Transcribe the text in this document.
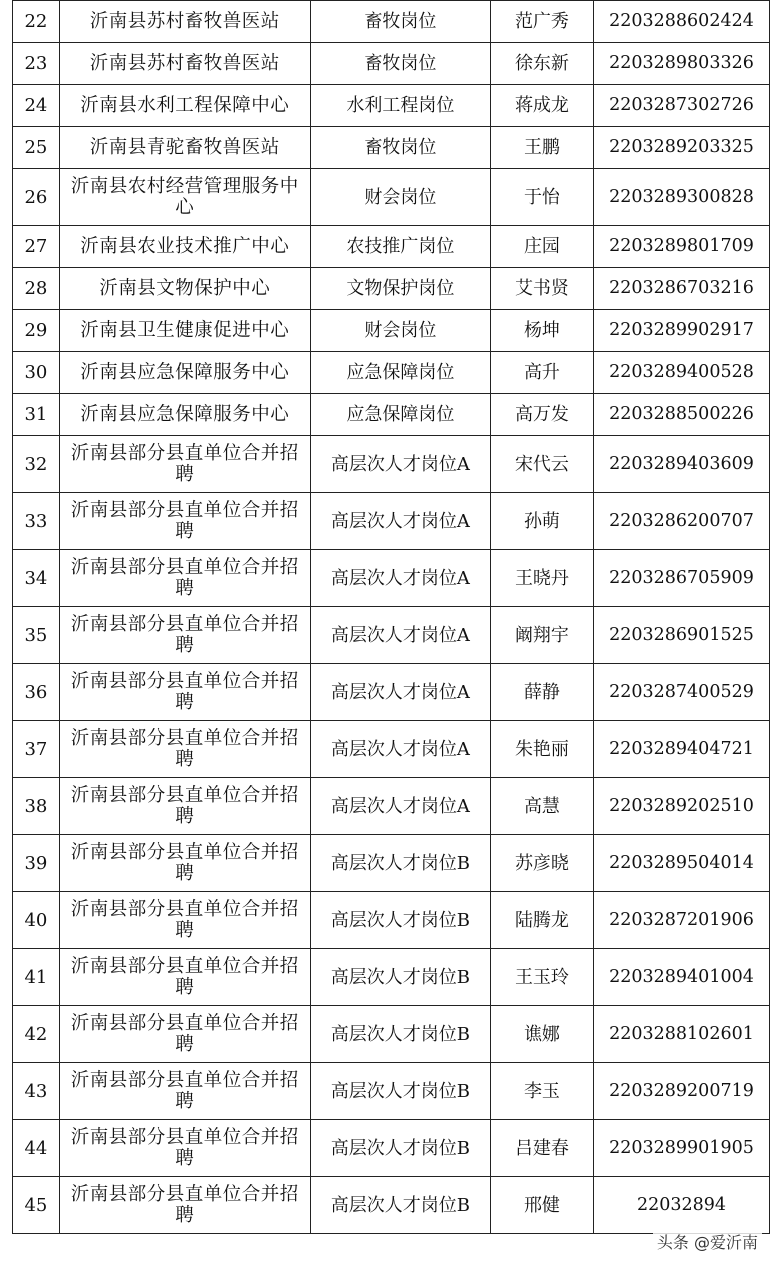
22	沂南县苏村畜牧兽医站	畜牧岗位	范广秀	2203288602424
23	沂南县苏村畜牧兽医站	畜牧岗位	徐东新	2203289803326
24	沂南县水利工程保障中心	水利工程岗位	蒋成龙	2203287302726
25	沂南县青驼畜牧兽医站	畜牧岗位	王鹏	2203289203325
26	沂南县农村经营管理服务中心	财会岗位	于怡	2203289300828
27	沂南县农业技术推广中心	农技推广岗位	庄园	2203289801709
28	沂南县文物保护中心	文物保护岗位	艾书贤	2203286703216
29	沂南县卫生健康促进中心	财会岗位	杨坤	2203289902917
30	沂南县应急保障服务中心	应急保障岗位	高升	2203289400528
31	沂南县应急保障服务中心	应急保障岗位	高万发	2203288500226
32	沂南县部分县直单位合并招聘	高层次人才岗位A	宋代云	2203289403609
33	沂南县部分县直单位合并招聘	高层次人才岗位A	孙萌	2203286200707
34	沂南县部分县直单位合并招聘	高层次人才岗位A	王晓丹	2203286705909
35	沂南县部分县直单位合并招聘	高层次人才岗位A	阚翔宇	2203286901525
36	沂南县部分县直单位合并招聘	高层次人才岗位A	薛静	2203287400529
37	沂南县部分县直单位合并招聘	高层次人才岗位A	朱艳丽	2203289404721
38	沂南县部分县直单位合并招聘	高层次人才岗位A	高慧	2203289202510
39	沂南县部分县直单位合并招聘	高层次人才岗位B	苏彦晓	2203289504014
40	沂南县部分县直单位合并招聘	高层次人才岗位B	陆腾龙	2203287201906
41	沂南县部分县直单位合并招聘	高层次人才岗位B	王玉玲	2203289401004
42	沂南县部分县直单位合并招聘	高层次人才岗位B	谯娜	2203288102601
43	沂南县部分县直单位合并招聘	高层次人才岗位B	李玉	2203289200719
44	沂南县部分县直单位合并招聘	高层次人才岗位B	吕建春	2203289901905
45	沂南县部分县直单位合并招聘	高层次人才岗位B	邢健	22032894
头条 @爱沂南
